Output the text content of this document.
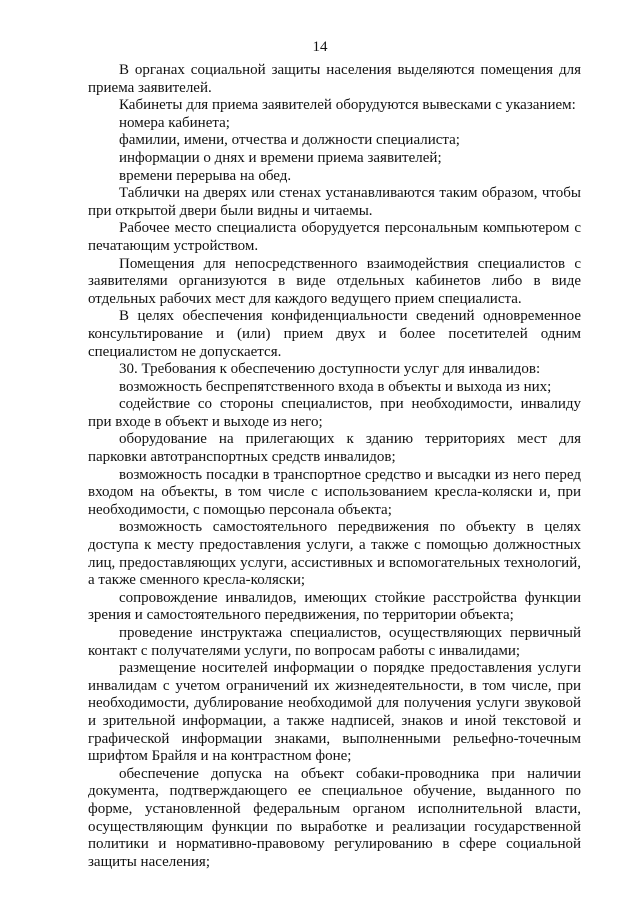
14

В органах социальной защиты населения выделяются помещения для приема заявителей.

Кабинеты для приема заявителей оборудуются вывесками с указанием:

номера кабинета;

фамилии, имени, отчества и должности специалиста;

информации о днях и времени приема заявителей;

времени перерыва на обед.

Таблички на дверях или стенах устанавливаются таким образом, чтобы при открытой двери были видны и читаемы.

Рабочее место специалиста оборудуется персональным компьютером с печатающим устройством.

Помещения для непосредственного взаимодействия специалистов с заявителями организуются в виде отдельных кабинетов либо в виде отдельных рабочих мест для каждого ведущего прием специалиста.

В целях обеспечения конфиденциальности сведений одновременное консультирование и (или) прием двух и более посетителей одним специалистом не допускается.

30. Требования к обеспечению доступности услуг для инвалидов:

возможность беспрепятственного входа в объекты и выхода из них;

содействие со стороны специалистов, при необходимости, инвалиду при входе в объект и выходе из него;

оборудование на прилегающих к зданию территориях мест для парковки автотранспортных средств инвалидов;

возможность посадки в транспортное средство и высадки из него перед входом на объекты, в том числе с использованием кресла-коляски и, при необходимости, с помощью персонала объекта;

возможность самостоятельного передвижения по объекту в целях доступа к месту предоставления услуги, а также с помощью должностных лиц, предоставляющих услуги, ассистивных и вспомогательных технологий, а также сменного кресла-коляски;

сопровождение инвалидов, имеющих стойкие расстройства функции зрения и самостоятельного передвижения, по территории объекта;

проведение инструктажа специалистов, осуществляющих первичный контакт с получателями услуги, по вопросам работы с инвалидами;

размещение носителей информации о порядке предоставления услуги инвалидам с учетом ограничений их жизнедеятельности, в том числе, при необходимости, дублирование необходимой для получения услуги звуковой и зрительной информации, а также надписей, знаков и иной текстовой и графической информации знаками, выполненными рельефно-точечным шрифтом Брайля и на контрастном фоне;

обеспечение допуска на объект собаки-проводника при наличии документа, подтверждающего ее специальное обучение, выданного по форме, установленной федеральным органом исполнительной власти, осуществляющим функции по выработке и реализации государственной политики и нормативно-правовому регулированию в сфере социальной защиты населения;
